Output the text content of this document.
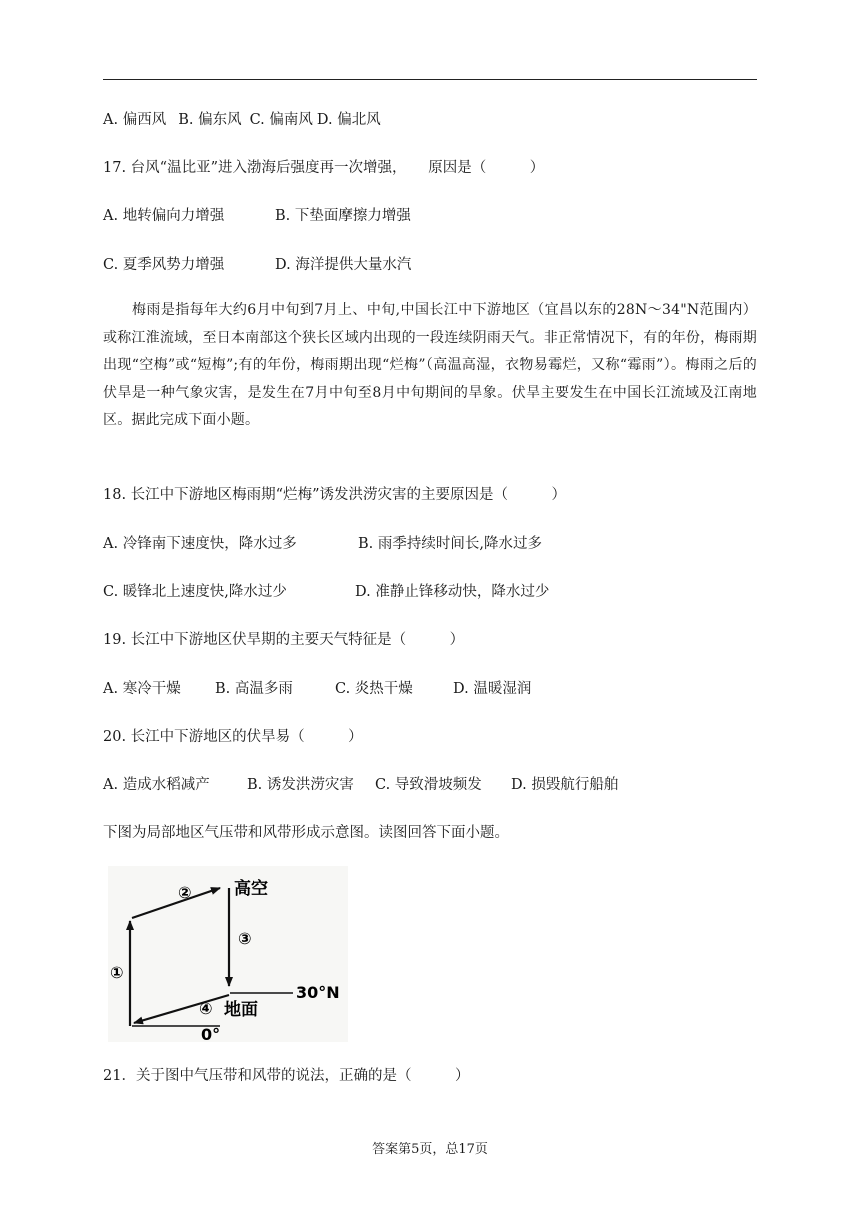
A. 偏西风 B. 偏东风 C. 偏南风 D. 偏北风
17. 台风“温比亚”进入渤海后强度再一次增强，　　原因是（　　　）
A. 地转偏向力增强	B. 下垫面摩擦力增强
C. 夏季风势力增强	D. 海洋提供大量水汽
梅雨是指每年大约6月中旬到7月上、中旬,中国长江中下游地区（宜昌以东的28N～34"N范围内）或称江淮流域，至日本南部这个狭长区域内出现的一段连续阴雨天气。非正常情况下，有的年份，梅雨期出现“空梅”或“短梅”;有的年份，梅雨期出现“烂梅”（高温高湿，衣物易霉烂，又称“霉雨”）。梅雨之后的伏旱是一种气象灾害，是发生在7月中旬至8月中旬期间的旱象。伏旱主要发生在中国长江流域及江南地区。据此完成下面小题。
18. 长江中下游地区梅雨期“烂梅”诱发洪涝灾害的主要原因是（　　　）
A. 冷锋南下速度快，降水过多	B. 雨季持续时间长,降水过多
C. 暖锋北上速度快,降水过少	D. 准静止锋移动快，降水过少
19. 长江中下游地区伏旱期的主要天气特征是（　　　）
A. 寒冷干燥 B. 高温多雨	C. 炎热干燥	D. 温暖湿润
20. 长江中下游地区的伏旱易（　　　）
A. 造成水稻减产	B. 诱发洪涝灾害 C. 导致滑坡频发 D. 损毁航行船舶
下图为局部地区气压带和风带形成示意图。读图回答下面小题。
② 高空
③
①
30°N
④ 地面
0°
21．关于图中气压带和风带的说法，正确的是（　　　）
答案第5页，总17页
